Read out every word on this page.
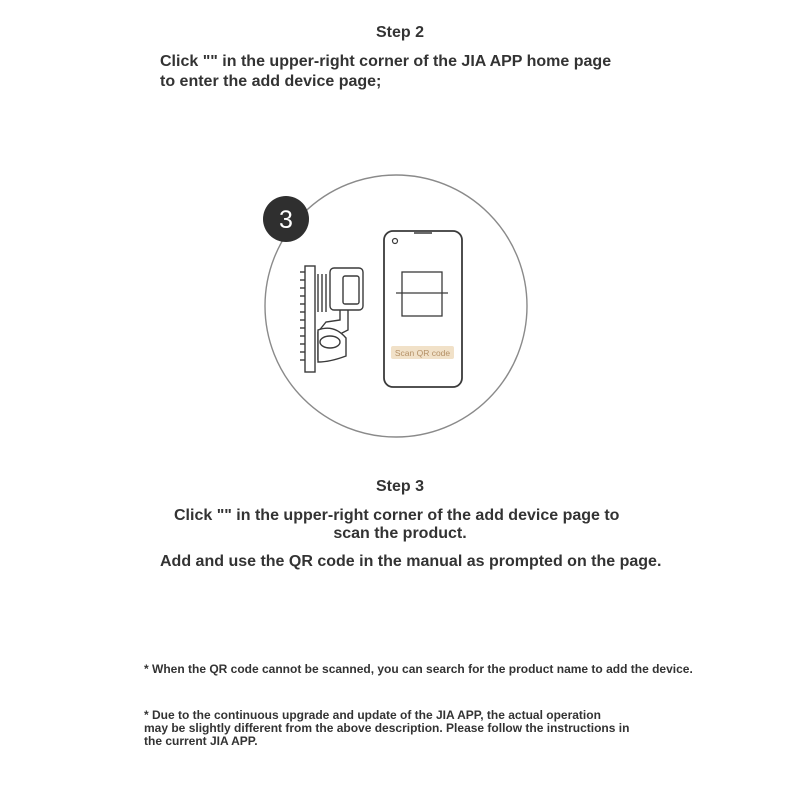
Step 2
Click "" in the upper-right corner of the JIA APP home page
to enter the add device page;
3
Scan QR code
Step 3
Click "" in the upper-right corner of the add device page to
scan the product.
Add and use the QR code in the manual as prompted on the page.
* When the QR code cannot be scanned, you can search for the product name to add the device.
* Due to the continuous upgrade and update of the JIA APP, the actual operation
may be slightly different from the above description. Please follow the instructions in
the current JIA APP.
